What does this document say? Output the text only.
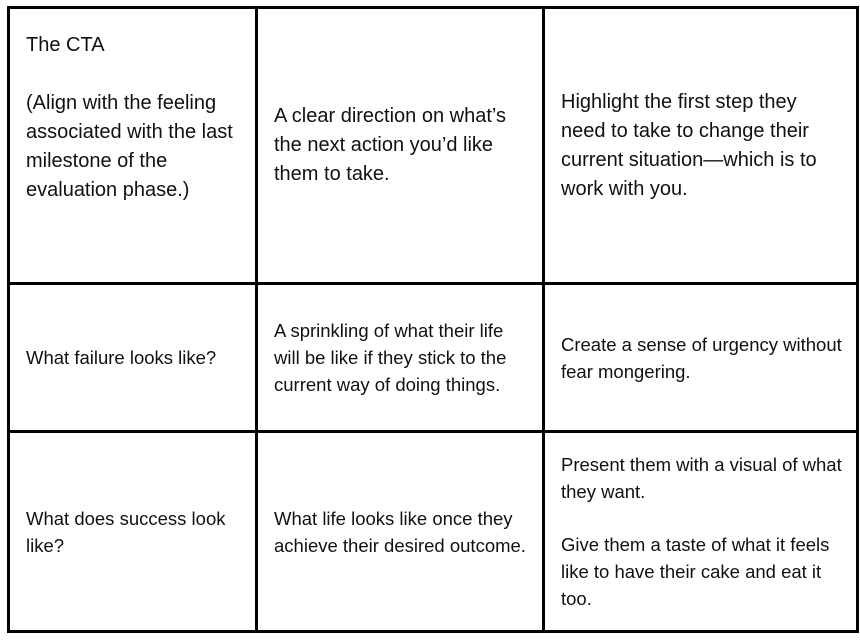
The CTA
(Align with the feeling associated with the last milestone of the evaluation phase.)	A clear direction on what’s the next action you’d like them to take.	Highlight the first step they need to take to change their current situation—which is to work with you.

What failure looks like?	A sprinkling of what their life will be like if they stick to the current way of doing things.	Create a sense of urgency without fear mongering.

What does success look like?	What life looks like once they achieve their desired outcome.	Present them with a visual of what they want.
Give them a taste of what it feels like to have their cake and eat it too.
